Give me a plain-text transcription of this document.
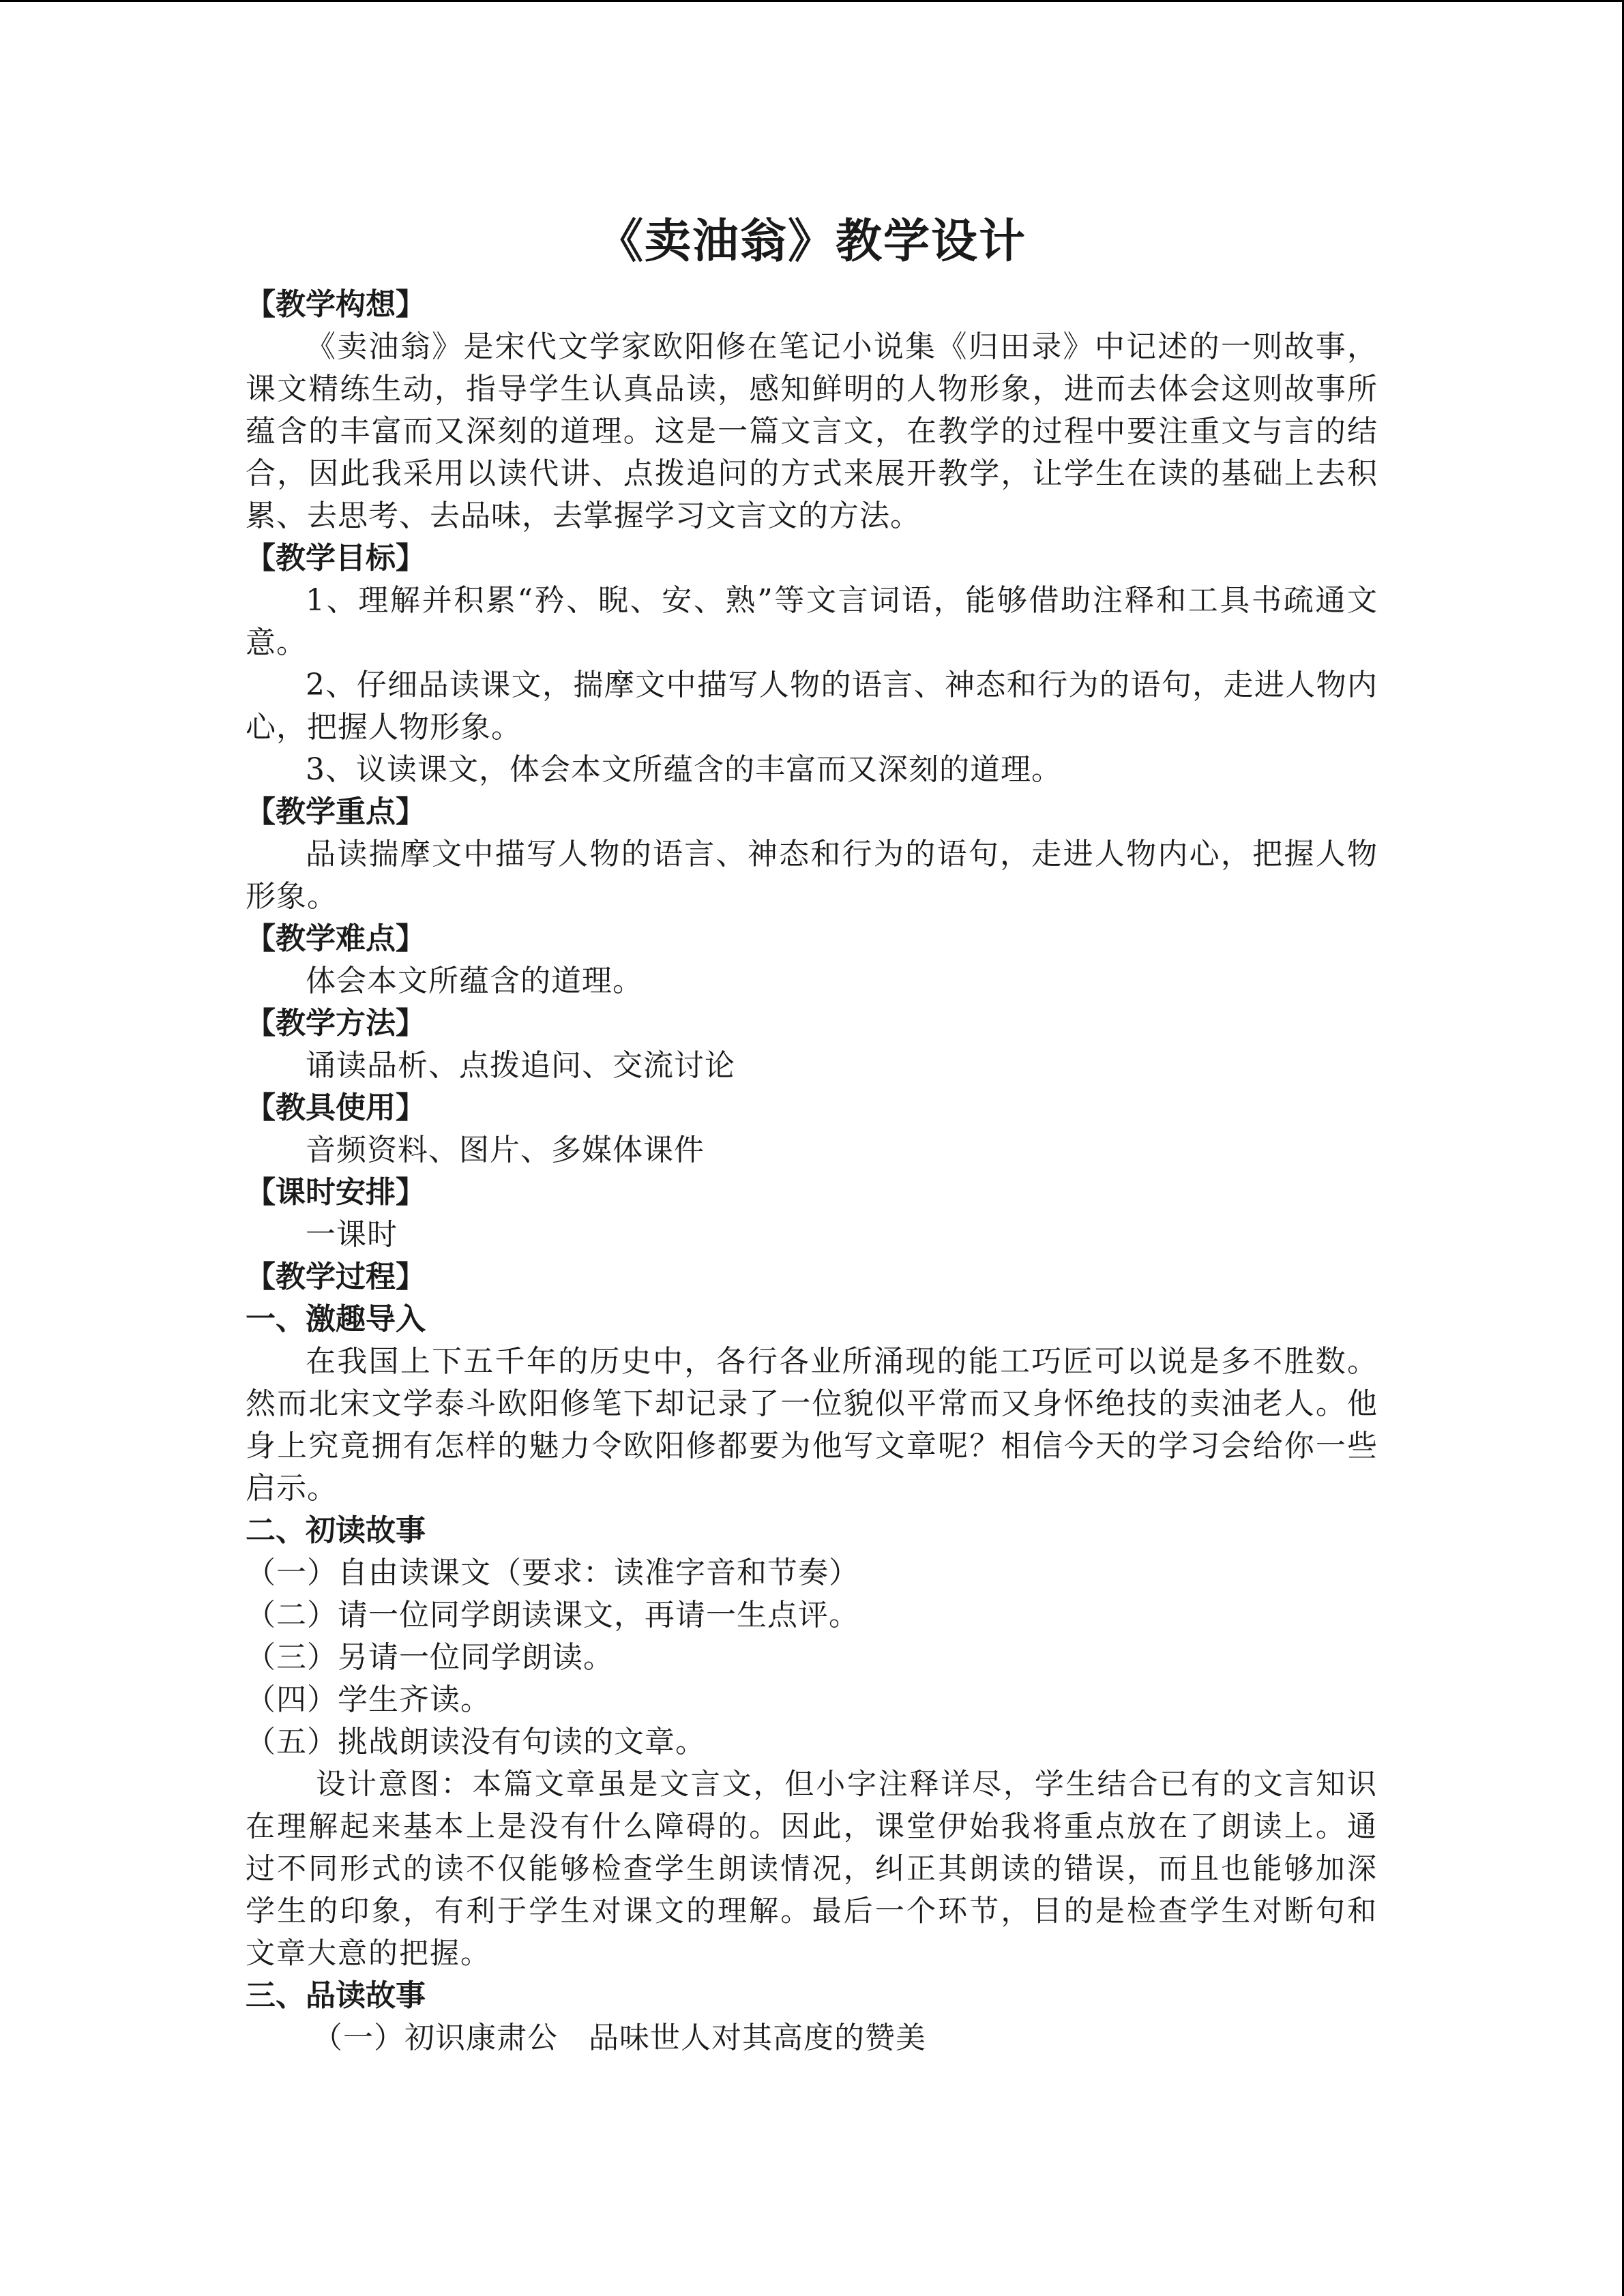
《卖油翁》教学设计

【教学构想】

《卖油翁》是宋代文学家欧阳修在笔记小说集《归田录》中记述的一则故事， 课文精练生动，指导学生认真品读，感知鲜明的人物形象，进而去体会这则故事所蕴含的丰富而又深刻的道理。这是一篇文言文，在教学的过程中要注重文与言的结合，因此我采用以读代讲、点拨追问的方式来展开教学，让学生在读的基础上去积累、去思考、去品味，去掌握学习文言文的方法。

【教学目标】

1、理解并积累“矜、睨、安、熟”等文言词语，能够借助注释和工具书疏通文意。

2、仔细品读课文，揣摩文中描写人物的语言、神态和行为的语句，走进人物内心，把握人物形象。

3、议读课文，体会本文所蕴含的丰富而又深刻的道理。

【教学重点】

品读揣摩文中描写人物的语言、神态和行为的语句，走进人物内心，把握人物形象。

【教学难点】

体会本文所蕴含的道理。

【教学方法】

诵读品析、点拨追问、交流讨论

【教具使用】

音频资料、图片、多媒体课件

【课时安排】

一课时

【教学过程】

一、激趣导入

在我国上下五千年的历史中，各行各业所涌现的能工巧匠可以说是多不胜数。然而北宋文学泰斗欧阳修笔下却记录了一位貌似平常而又身怀绝技的卖油老人。他身上究竟拥有怎样的魅力令欧阳修都要为他写文章呢？相信今天的学习会给你一些启示。

二、初读故事

（一）自由读课文（要求：读准字音和节奏）

（二）请一位同学朗读课文，再请一生点评。

（三）另请一位同学朗读。

（四）学生齐读。

（五）挑战朗读没有句读的文章。

设计意图：本篇文章虽是文言文，但小字注释详尽，学生结合已有的文言知识在理解起来基本上是没有什么障碍的。因此，课堂伊始我将重点放在了朗读上。通过不同形式的读不仅能够检查学生朗读情况，纠正其朗读的错误，而且也能够加深学生的印象，有利于学生对课文的理解。最后一个环节，目的是检查学生对断句和文章大意的把握。

三、品读故事

（一）初识康肃公　品味世人对其高度的赞美
